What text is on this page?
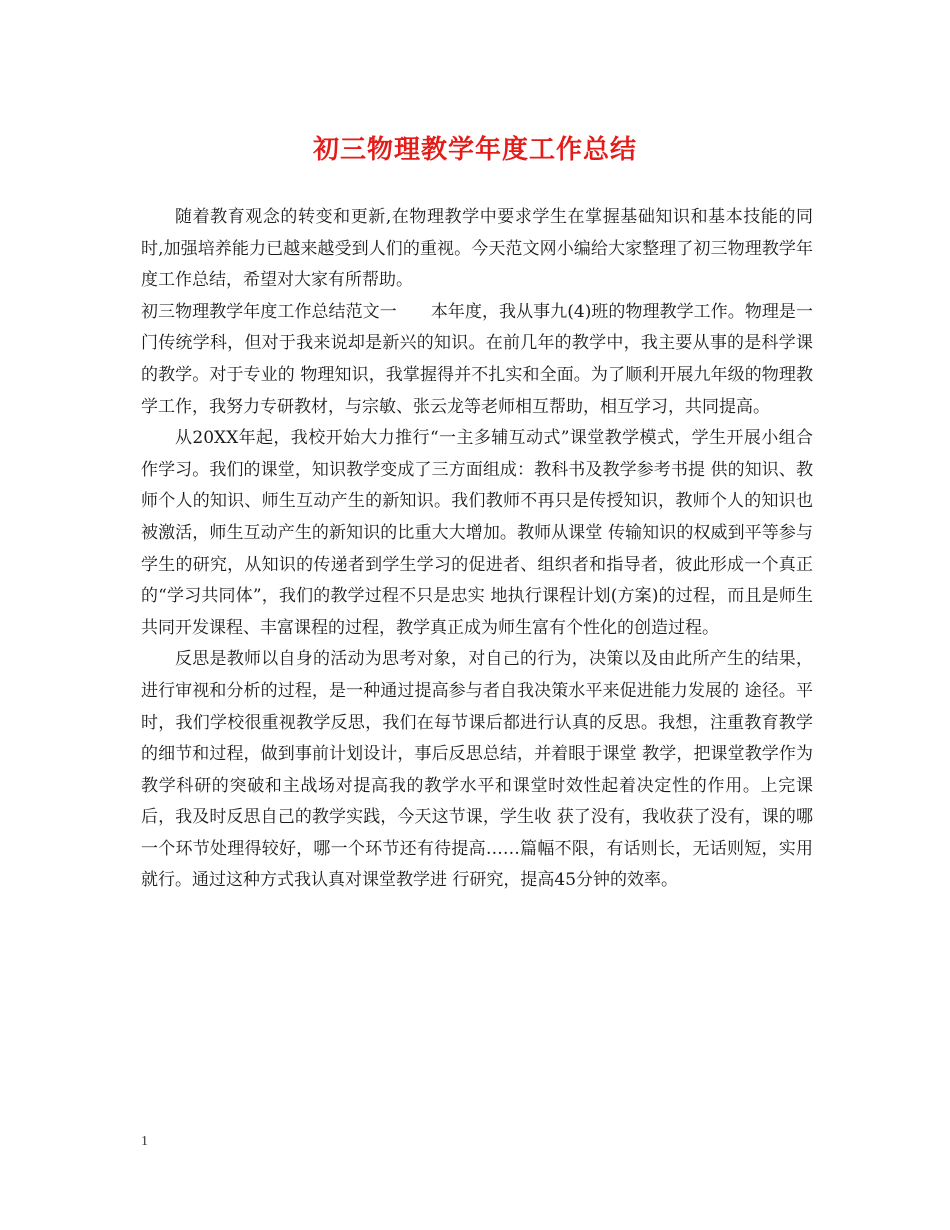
初三物理教学年度工作总结

随着教育观念的转变和更新,在物理教学中要求学生在掌握基础知识和基本技能的同时,加强培养能力已越来越受到人们的重视。今天范文网小编给大家整理了初三物理教学年度工作总结，希望对大家有所帮助。

初三物理教学年度工作总结范文一　　本年度，我从事九(4)班的物理教学工作。物理是一门传统学科，但对于我来说却是新兴的知识。在前几年的教学中，我主要从事的是科学课的教学。对于专业的 物理知识，我掌握得并不扎实和全面。为了顺利开展九年级的物理教学工作，我努力专研教材，与宗敏、张云龙等老师相互帮助，相互学习，共同提高。

从20XX年起，我校开始大力推行“一主多辅互动式”课堂教学模式，学生开展小组合作学习。我们的课堂，知识教学变成了三方面组成：教科书及教学参考书提 供的知识、教师个人的知识、师生互动产生的新知识。我们教师不再只是传授知识，教师个人的知识也被激活，师生互动产生的新知识的比重大大增加。教师从课堂 传输知识的权威到平等参与学生的研究，从知识的传递者到学生学习的促进者、组织者和指导者，彼此形成一个真正的“学习共同体”，我们的教学过程不只是忠实 地执行课程计划(方案)的过程，而且是师生共同开发课程、丰富课程的过程，教学真正成为师生富有个性化的创造过程。

反思是教师以自身的活动为思考对象，对自己的行为，决策以及由此所产生的结果，进行审视和分析的过程，是一种通过提高参与者自我决策水平来促进能力发展的 途径。平时，我们学校很重视教学反思，我们在每节课后都进行认真的反思。我想，注重教育教学的细节和过程，做到事前计划设计，事后反思总结，并着眼于课堂 教学，把课堂教学作为教学科研的突破和主战场对提高我的教学水平和课堂时效性起着决定性的作用。上完课后，我及时反思自己的教学实践，今天这节课，学生收 获了没有，我收获了没有，课的哪一个环节处理得较好，哪一个环节还有待提高……篇幅不限，有话则长，无话则短，实用就行。通过这种方式我认真对课堂教学进 行研究，提高45分钟的效率。

1
